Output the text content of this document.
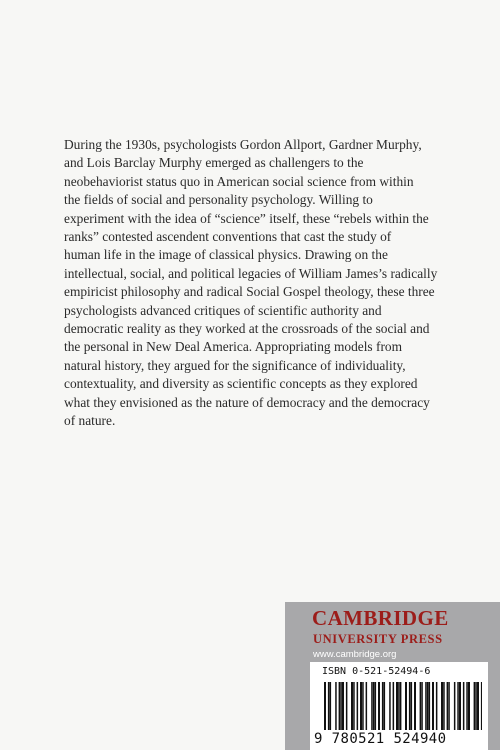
During the 1930s, psychologists Gordon Allport, Gardner Murphy,
and Lois Barclay Murphy emerged as challengers to the
neobehaviorist status quo in American social science from within
the fields of social and personality psychology. Willing to
experiment with the idea of “science” itself, these “rebels within the
ranks” contested ascendent conventions that cast the study of
human life in the image of classical physics. Drawing on the
intellectual, social, and political legacies of William James’s radically
empiricist philosophy and radical Social Gospel theology, these three
psychologists advanced critiques of scientific authority and
democratic reality as they worked at the crossroads of the social and
the personal in New Deal America. Appropriating models from
natural history, they argued for the significance of individuality,
contextuality, and diversity as scientific concepts as they explored
what they envisioned as the nature of democracy and the democracy
of nature.

CAMBRIDGE

UNIVERSITY PRESS

www.cambridge.org

ISBN 0-521-52494-6

9 780521 524940
